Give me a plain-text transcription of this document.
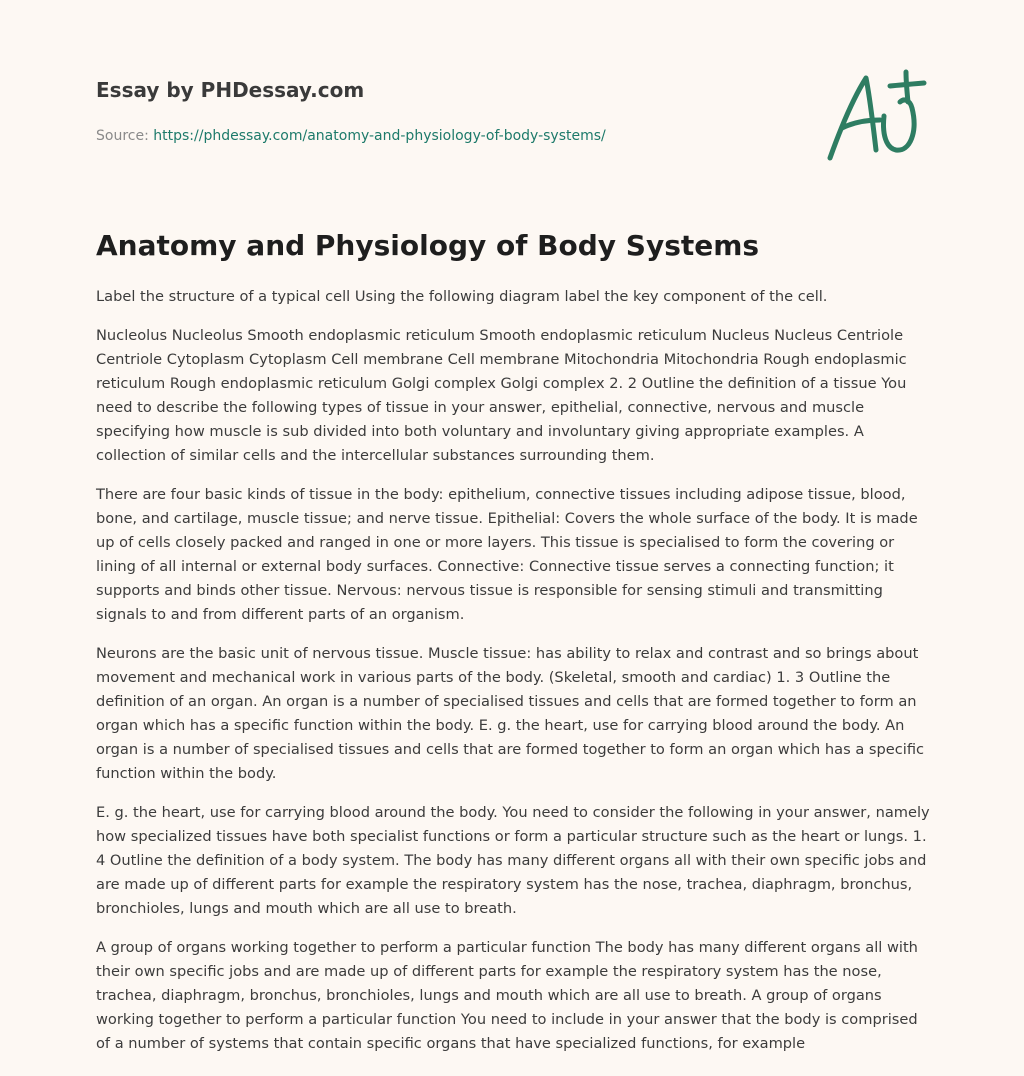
Essay by PHDessay.com

Source: https://phdessay.com/anatomy-and-physiology-of-body-systems/
Anatomy and Physiology of Body Systems

Label the structure of a typical cell Using the following diagram label the key component of the cell.

Nucleolus Nucleolus Smooth endoplasmic reticulum Smooth endoplasmic reticulum Nucleus Nucleus Centriole Centriole Cytoplasm Cytoplasm Cell membrane Cell membrane Mitochondria Mitochondria Rough endoplasmic reticulum Rough endoplasmic reticulum Golgi complex Golgi complex 2. 2 Outline the definition of a tissue You need to describe the following types of tissue in your answer, epithelial, connective, nervous and muscle specifying how muscle is sub divided into both voluntary and involuntary giving appropriate examples. A collection of similar cells and the intercellular substances surrounding them.

There are four basic kinds of tissue in the body: epithelium, connective tissues including adipose tissue, blood, bone, and cartilage, muscle tissue; and nerve tissue. Epithelial: Covers the whole surface of the body. It is made up of cells closely packed and ranged in one or more layers. This tissue is specialised to form the covering or lining of all internal or external body surfaces. Connective: Connective tissue serves a connecting function; it supports and binds other tissue. Nervous: nervous tissue is responsible for sensing stimuli and transmitting signals to and from different parts of an organism.

Neurons are the basic unit of nervous tissue. Muscle tissue: has ability to relax and contrast and so brings about movement and mechanical work in various parts of the body. (Skeletal, smooth and cardiac) 1. 3 Outline the definition of an organ. An organ is a number of specialised tissues and cells that are formed together to form an organ which has a specific function within the body. E. g. the heart, use for carrying blood around the body. An organ is a number of specialised tissues and cells that are formed together to form an organ which has a specific function within the body.

E. g. the heart, use for carrying blood around the body. You need to consider the following in your answer, namely how specialized tissues have both specialist functions or form a particular structure such as the heart or lungs. 1. 4 Outline the definition of a body system. The body has many different organs all with their own specific jobs and are made up of different parts for example the respiratory system has the nose, trachea, diaphragm, bronchus, bronchioles, lungs and mouth which are all use to breath.

A group of organs working together to perform a particular function The body has many different organs all with their own specific jobs and are made up of different parts for example the respiratory system has the nose, trachea, diaphragm, bronchus, bronchioles, lungs and mouth which are all use to breath. A group of organs working together to perform a particular function You need to include in your answer that the body is comprised of a number of systems that contain specific organs that have specialized functions, for example
